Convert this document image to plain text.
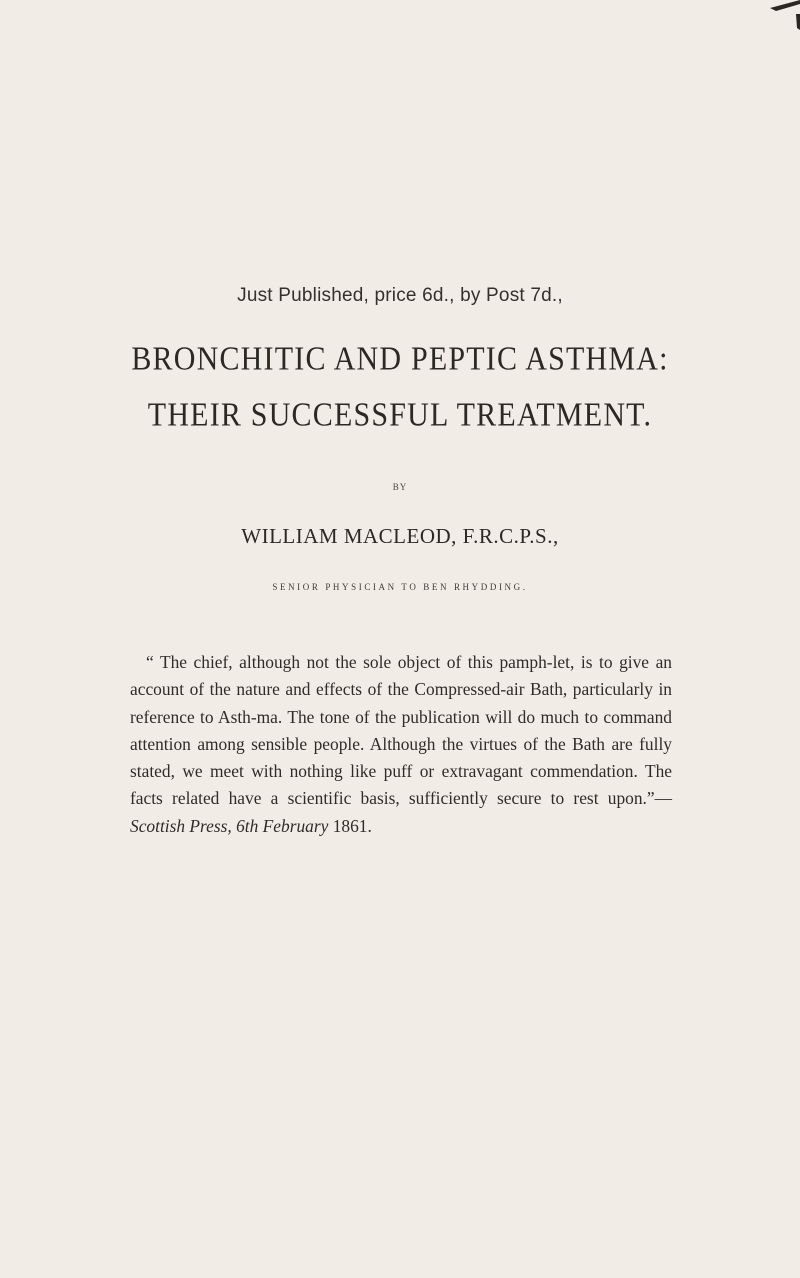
Just Published, price 6d., by Post 7d.,
BRONCHITIC AND PEPTIC ASTHMA:
THEIR SUCCESSFUL TREATMENT.
BY
WILLIAM MACLEOD, F.R.C.P.S.,
SENIOR PHYSICIAN TO BEN RHYDDING.
“ The chief, although not the sole object of this pamph-let, is to give an account of the nature and effects of the Compressed-air Bath, particularly in reference to Asth-ma. The tone of the publication will do much to command attention among sensible people. Although the virtues of the Bath are fully stated, we meet with nothing like puff or extravagant commendation. The facts related have a scientific basis, sufficiently secure to rest upon.”—Scottish Press, 6th February 1861.
